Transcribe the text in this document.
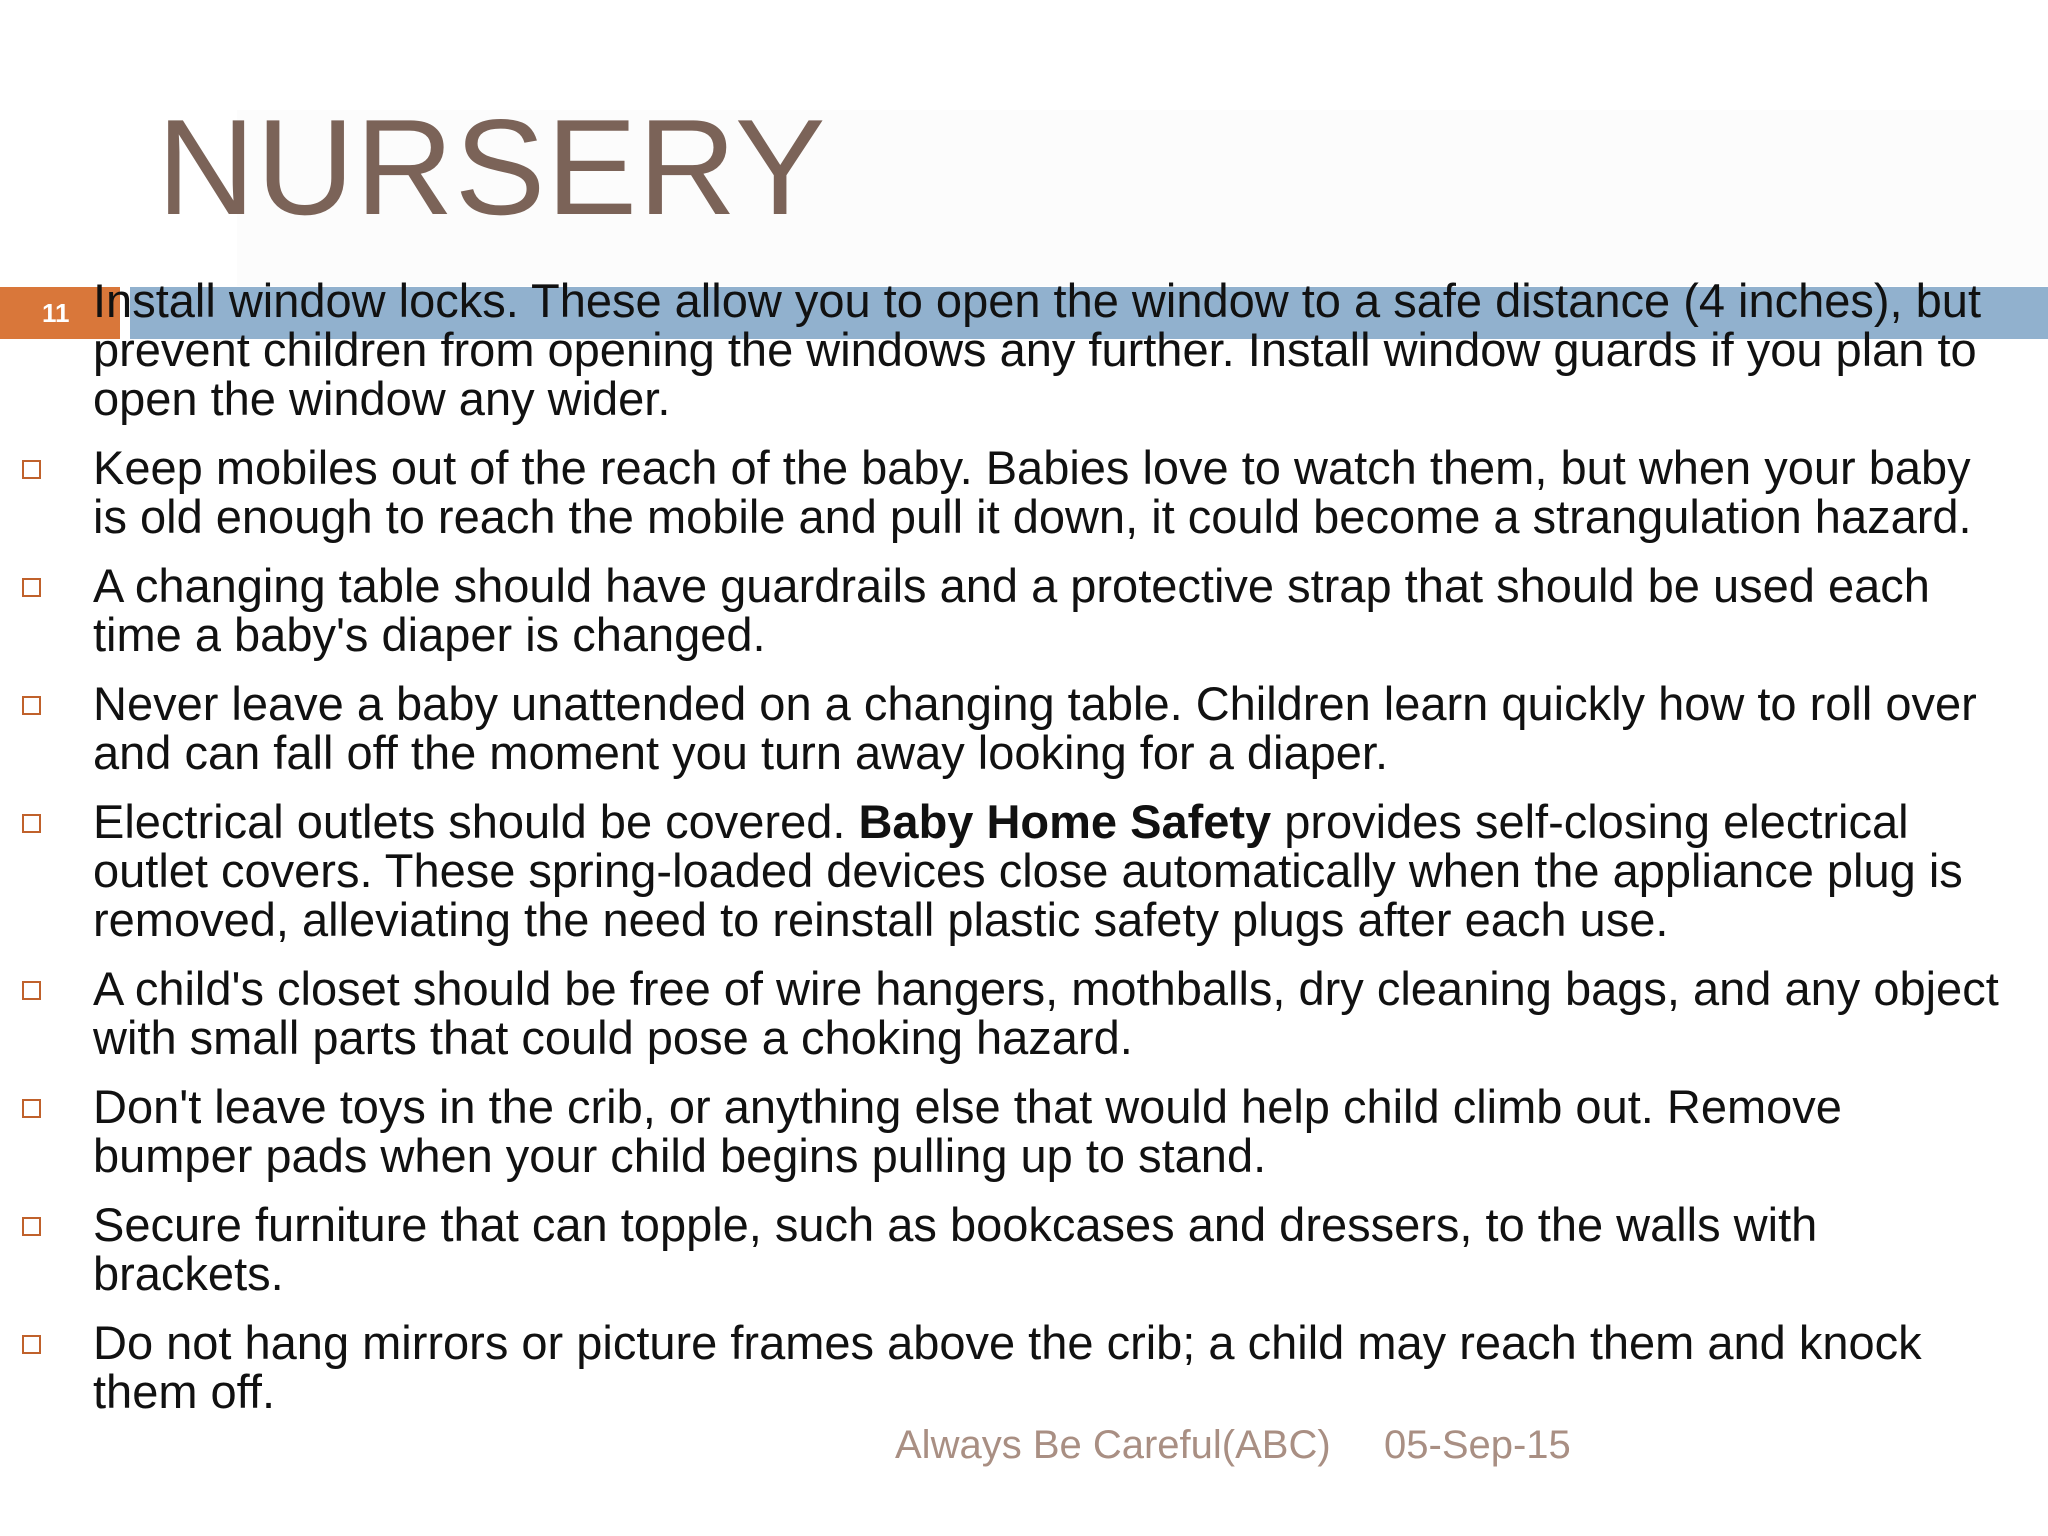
NURSERY
11 Install window locks. These allow you to open the window to a safe distance (4 inches), but prevent children from opening the windows any further. Install window guards if you plan to open the window any wider.
Keep mobiles out of the reach of the baby. Babies love to watch them, but when your baby is old enough to reach the mobile and pull it down, it could become a strangulation hazard.
A changing table should have guardrails and a protective strap that should be used each time a baby's diaper is changed.
Never leave a baby unattended on a changing table. Children learn quickly how to roll over and can fall off the moment you turn away looking for a diaper.
Electrical outlets should be covered. Baby Home Safety provides self-closing electrical outlet covers. These spring-loaded devices close automatically when the appliance plug is removed, alleviating the need to reinstall plastic safety plugs after each use.
A child's closet should be free of wire hangers, mothballs, dry cleaning bags, and any object with small parts that could pose a choking hazard.
Don't leave toys in the crib, or anything else that would help child climb out. Remove bumper pads when your child begins pulling up to stand.
Secure furniture that can topple, such as bookcases and dressers, to the walls with brackets.
Do not hang mirrors or picture frames above the crib; a child may reach them and knock them off.
Always Be Careful(ABC) 05-Sep-15
